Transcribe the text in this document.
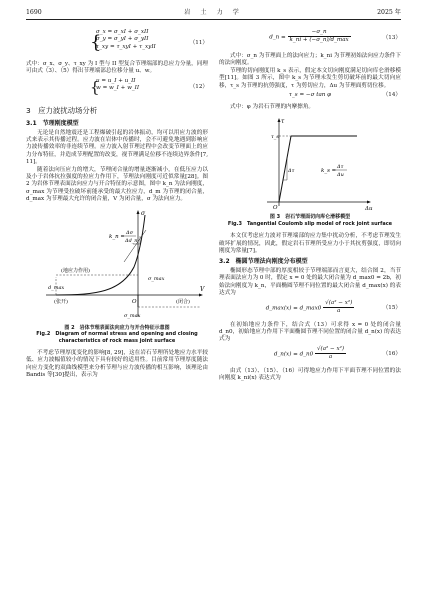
1690	岩 土 力 学	2025 年
{
σ_x = σ_xI + σ_xII
σ_y = σ_yI + σ_yII
τ_xy = τ_xyI + τ_xyII
（11）

式中：σ_x、σ_y、τ_xy 为 I 型与 II 型复合节理端部的总应力分量，同理可由式（3）、（5）得出节理端部总位移分量 u、w。

{
u = u_I + u_II
w = w_I + w_II	（12）
3　应力波扰动场分析
3.1　节理刚度模型

无论是自然地震还是工程爆破引起的岩体振动，均可以用应力波的形式来表示其传播过程。应力波在岩体中传播时，会不可避免地遇到影响应力波传播效率的非连续节理。应力波入射节理过程中会改变节理面上的应力分布特征，并造成节理配置的改变，视节理满足位移不连续边界条件[7, 11]。

随着法向压应力的增大，节理闭合量的增量逐渐减小，在低压应力以及小于岩体抗拉强度的拉应力作用下，节理法向刚度可近似常量[28]。图 2 为岩体节理表面法向应力与开合特征的示意图，图中 k_n 为法向刚度，σ_max 为节理受拉破坏前能承受的最大拉应力，d_m 为节理的闭合量，d_max 为节理最大允许的闭合量，V 为闭合量，σ 为法向应力。

σ
k_n =
Δσ
Δd_n
(地应力作用)
σ_max
(张开)	(闭合)
d_max	V
O
σ_max
图 2　岩体节理表面法向应力与开合特征示意图
Fig.2　Diagram of normal stress and opening and closing
characteristics of rock mass joint surface

不考虑节理厚度变化的影响[8, 29]，这在岩石节理所处地应力水平较低、应力波幅值较小的情况下具有较好的适用性。目前常用节理厚度随法向应力变化的双曲线模型来分析节理与应力波传播的相互影响，该理论由 Bandis 等[30]提出，表示为

d_n = $\frac{-\sigma\_n}{k\_ni + (-\sigma\_n)/d\_\max}$	（13）

式中：σ_n 为节理面上的法向应力；k_ni 为节理初始法向应力条件下的法向刚度。

节理的切向刚度用 k_s 表示，假定本文切向刚度满足切向库仑滑移模型[11]。如图 3 所示，图中 k_s 为节理未发生剪切破坏前的最大切向应移，τ_s 为节理的抗剪强度，τ 为剪切应力，Δu 为节理面剪切位移。

τ_s = −σ tan φ	（14）

式中：φ 为岩石节理的内摩擦角。

τ
τ_s
Δτ	k_s =
Δτ
Δu
O	Δu
图 3　岩石节理面切向库仑滑移模型
Fig.3　Tangential Coulomb slip model of rock joint surface

本文仅考虑应力波对节理端部的应力集中扰动分析，不考虑节理发生破坏扩展的情况，因此，假定岩石节理所受应力小于其抗剪强度，即切向刚度为常量[7]。

3.2　椭圆节理法向刚度分布模型

椭圆形态节理中部的厚度相较于节理端部而言更大，结合图 2，当节理表面法应力为 0 时，假定 x = 0 处的最大闭合量为 d_max0 = 2b，初始法向刚度为 k_n，平面椭圆节理不同位置的最大闭合量 d_max(x) 的表达式为

d_max(x) = d_max0 $\frac{\text{√(a² − x²)}}{a}$	（15）

在初始地应力条件下，结合式（13）可求得 x = 0 处的闭合量 d_n0，初始地应力作用下平面椭圆节理不同位置的闭合量 d_n(x) 的表达式为

d_n(x) = d_n0 $\frac{\text{√(a² − x²)}}{a}$	（16）

由式（13）、（15）、（16）可得地应力作用下平面节理不同位置的法向刚度 k_ni(x) 表达式为
